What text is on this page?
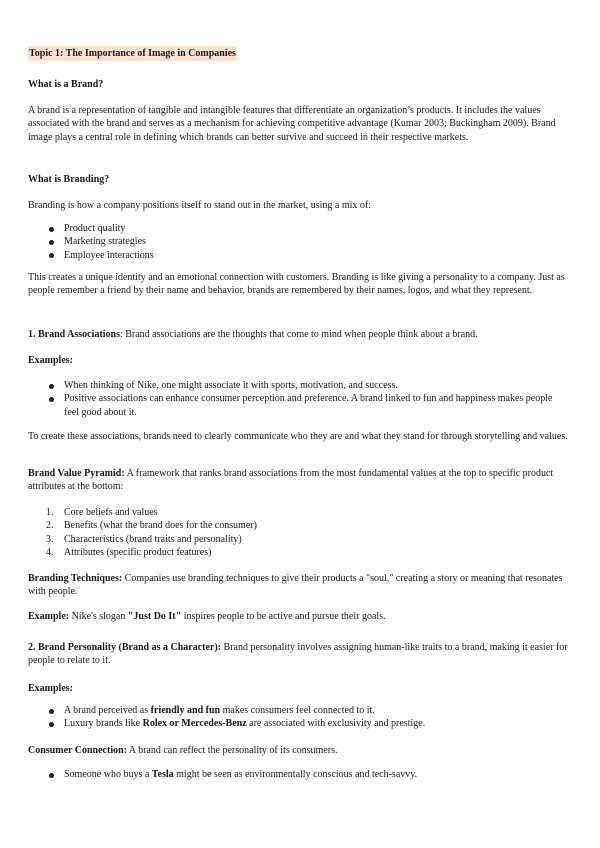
Topic 1: The Importance of Image in Companies

What is a Brand?

A brand is a representation of tangible and intangible features that differentiate an organization’s products. It includes the values associated with the brand and serves as a mechanism for achieving competitive advantage (Kumar 2003; Buckingham 2009). Brand image plays a central role in defining which brands can better survive and succeed in their respective markets.

What is Branding?

Branding is how a company positions itself to stand out in the market, using a mix of:

Product quality
Marketing strategies
Employee interactions

This creates a unique identity and an emotional connection with customers. Branding is like giving a personality to a company. Just as people remember a friend by their name and behavior, brands are remembered by their names, logos, and what they represent.

1. Brand Associations: Brand associations are the thoughts that come to mind when people think about a brand.

Examples:

When thinking of Nike, one might associate it with sports, motivation, and success.
Positive associations can enhance consumer perception and preference. A brand linked to fun and happiness makes people feel good about it.

To create these associations, brands need to clearly communicate who they are and what they stand for through storytelling and values.

Brand Value Pyramid: A framework that ranks brand associations from the most fundamental values at the top to specific product attributes at the bottom:

1. Core beliefs and values
2. Benefits (what the brand does for the consumer)
3. Characteristics (brand traits and personality)
4. Attributes (specific product features)

Branding Techniques: Companies use branding techniques to give their products a "soul," creating a story or meaning that resonates with people.

Example: Nike's slogan "Just Do It" inspires people to be active and pursue their goals.

2. Brand Personality (Brand as a Character): Brand personality involves assigning human-like traits to a brand, making it easier for people to relate to it.

Examples:

A brand perceived as friendly and fun makes consumers feel connected to it.
Luxury brands like Rolex or Mercedes-Benz are associated with exclusivity and prestige.

Consumer Connection: A brand can reflect the personality of its consumers.

Someone who buys a Tesla might be seen as environmentally conscious and tech-savvy.
